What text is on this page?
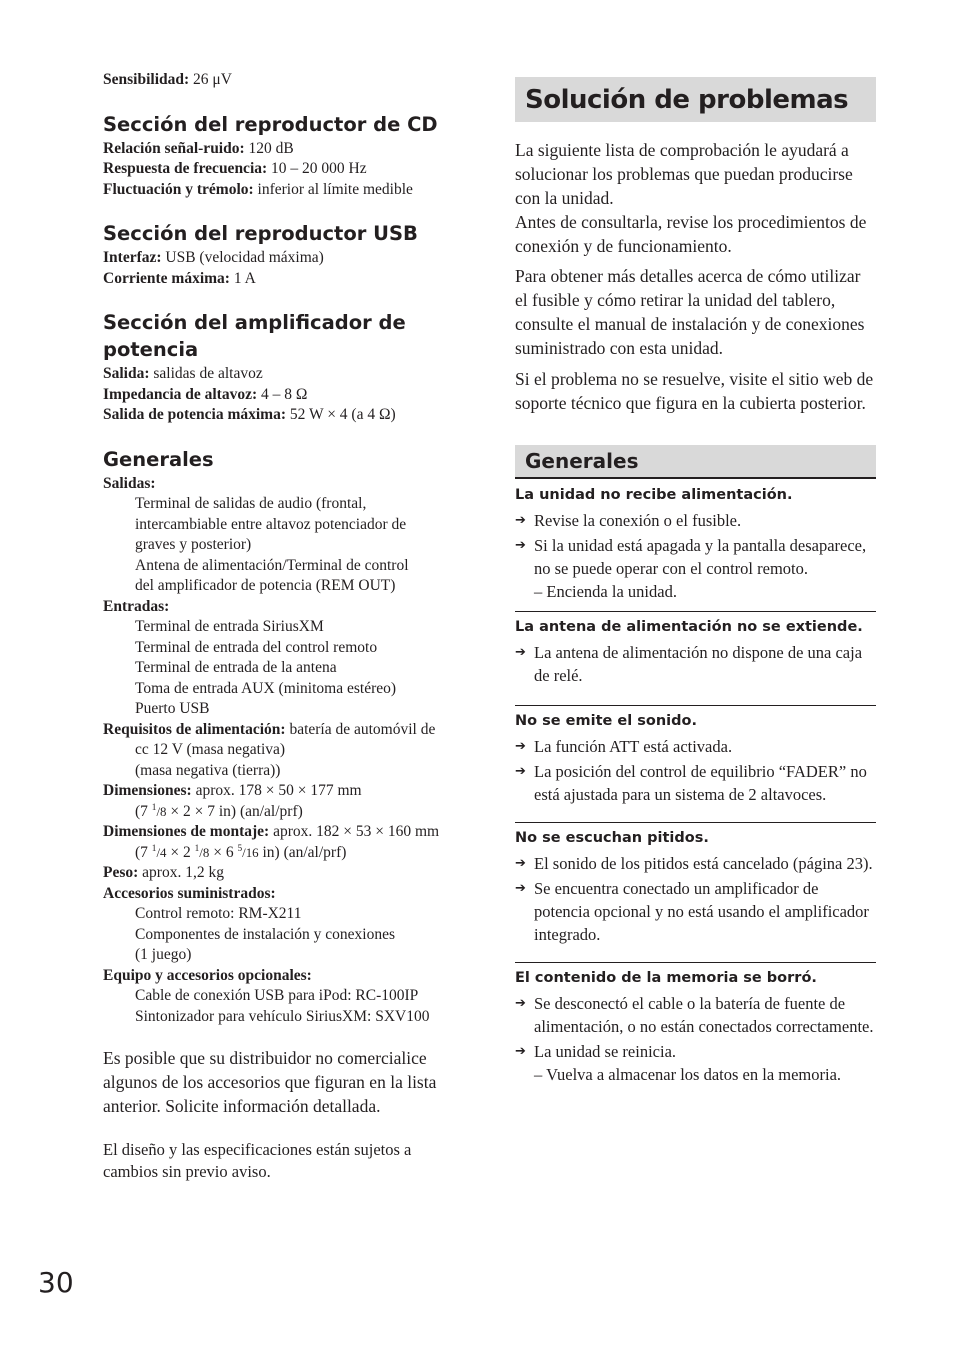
Sensibilidad: 26 μV
Sección del reproductor de CD
Relación señal-ruido: 120 dB
Respuesta de frecuencia: 10 – 20 000 Hz
Fluctuación y trémolo: inferior al límite medible
Sección del reproductor USB
Interfaz: USB (velocidad máxima)
Corriente máxima: 1 A
Sección del amplificador de
potencia
Salida: salidas de altavoz
Impedancia de altavoz: 4 – 8 Ω
Salida de potencia máxima: 52 W × 4 (a 4 Ω)
Generales
Salidas:
Terminal de salidas de audio (frontal,
intercambiable entre altavoz potenciador de
graves y posterior)
Antena de alimentación/Terminal de control
del amplificador de potencia (REM OUT)
Entradas:
Terminal de entrada SiriusXM
Terminal de entrada del control remoto
Terminal de entrada de la antena
Toma de entrada AUX (minitoma estéreo)
Puerto USB
Requisitos de alimentación: batería de automóvil de
cc 12 V (masa negativa)
(masa negativa (tierra))
Dimensiones: aprox. 178 × 50 × 177 mm
(7 $^1$/8 × 2 × 7 in) (an/al/prf)
Dimensiones de montaje: aprox. 182 × 53 × 160 mm
(7 $^1$/4 × 2 $^1$/8 × 6 $^5$/16 in) (an/al/prf)
Peso: aprox. 1,2 kg
Accesorios suministrados:
Control remoto: RM-X211
Componentes de instalación y conexiones
(1 juego)
Equipo y accesorios opcionales:
Cable de conexión USB para iPod: RC-100IP
Sintonizador para vehículo SiriusXM: SXV100

Es posible que su distribuidor no comercialice algunos de los accesorios que figuran en la lista anterior. Solicite información detallada.

El diseño y las especificaciones están sujetos a cambios sin previo aviso.

Solución de problemas

La siguiente lista de comprobación le ayudará a solucionar los problemas que puedan producirse con la unidad.
Antes de consultarla, revise los procedimientos de conexión y de funcionamiento.

Para obtener más detalles acerca de cómo utilizar el fusible y cómo retirar la unidad del tablero, consulte el manual de instalación y de conexiones suministrado con esta unidad.

Si el problema no se resuelve, visite el sitio web de soporte técnico que figura en la cubierta posterior.

Generales
La unidad no recibe alimentación.
➔ Revise la conexión o el fusible.
➔ Si la unidad está apagada y la pantalla desaparece, no se puede operar con el control remoto.
– Encienda la unidad.
La antena de alimentación no se extiende.
➔ La antena de alimentación no dispone de una caja de relé.
No se emite el sonido.
➔ La función ATT está activada.
➔ La posición del control de equilibrio “FADER” no está ajustada para un sistema de 2 altavoces.
No se escuchan pitidos.
➔ El sonido de los pitidos está cancelado (página 23).
➔ Se encuentra conectado un amplificador de potencia opcional y no está usando el amplificador integrado.
El contenido de la memoria se borró.
➔ Se desconectó el cable o la batería de fuente de alimentación, o no están conectados correctamente.
➔ La unidad se reinicia.
– Vuelva a almacenar los datos en la memoria.
30
